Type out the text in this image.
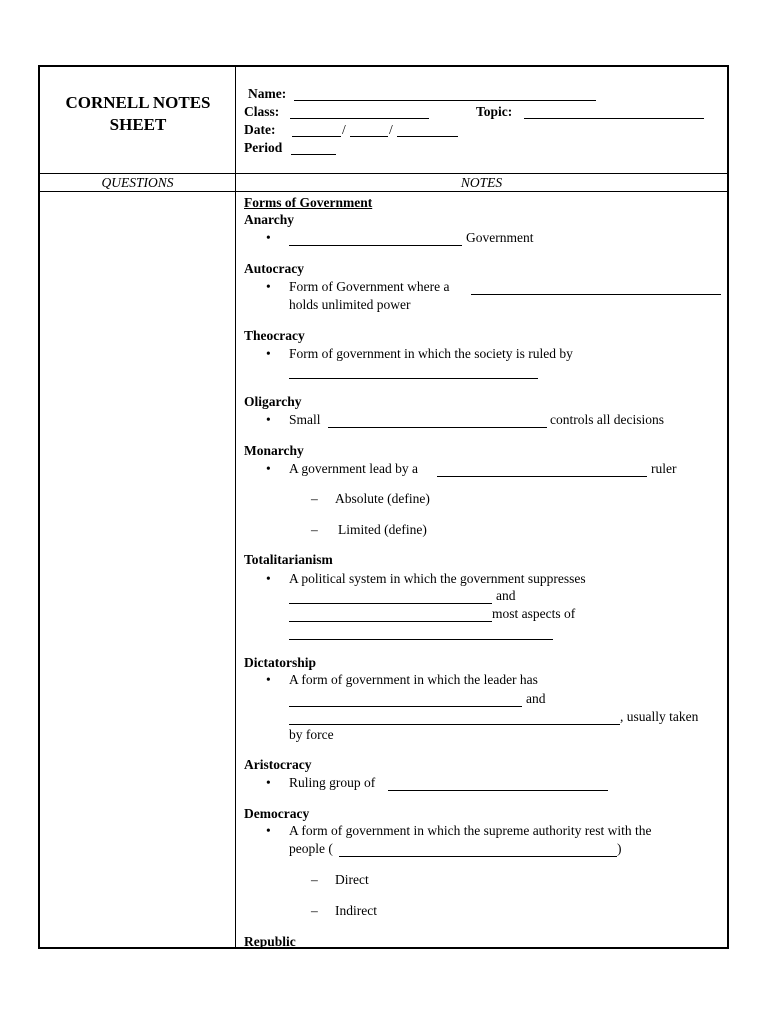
CORNELL NOTES
SHEET
Name:
Class:	Topic:
Date:	/	/
Period
QUESTIONS	NOTES
Forms of Government
Anarchy
•	Government
Autocracy
• Form of Government where a
holds unlimited power
Theocracy
• Form of government in which the society is ruled by
Oligarchy
• Small	controls all decisions
Monarchy
• A government lead by a	ruler
– Absolute (define)
– Limited (define)
Totalitarianism
• A political system in which the government suppresses
and
most aspects of
Dictatorship
• A form of government in which the leader has
and
, usually taken
by force
Aristocracy
• Ruling group of
Democracy
• A form of government in which the supreme authority rest with the
people (	)
– Direct
– Indirect
Republic
